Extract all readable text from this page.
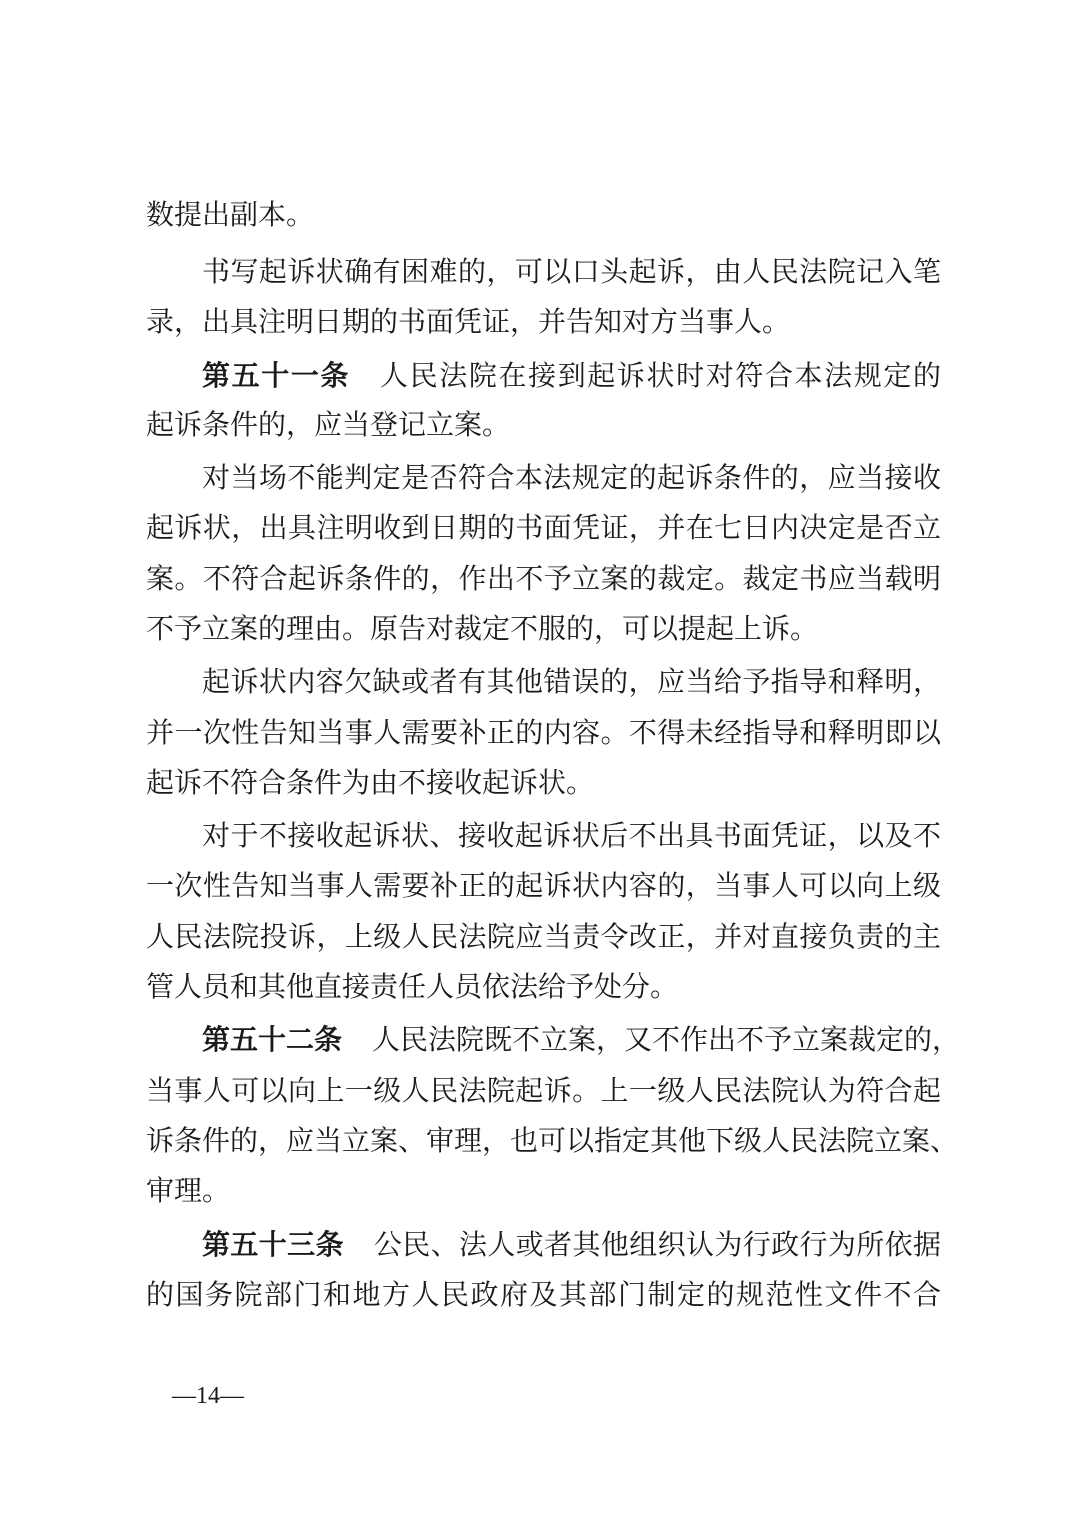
数提出副本。
书写起诉状确有困难的，可以口头起诉，由人民法院记入笔
录，出具注明日期的书面凭证，并告知对方当事人。
第五十一条 人民法院在接到起诉状时对符合本法规定的
起诉条件的，应当登记立案。
对当场不能判定是否符合本法规定的起诉条件的，应当接收
起诉状，出具注明收到日期的书面凭证，并在七日内决定是否立
案。不符合起诉条件的，作出不予立案的裁定。裁定书应当载明
不予立案的理由。原告对裁定不服的，可以提起上诉。
起诉状内容欠缺或者有其他错误的，应当给予指导和释明，
并一次性告知当事人需要补正的内容。不得未经指导和释明即以
起诉不符合条件为由不接收起诉状。
对于不接收起诉状、接收起诉状后不出具书面凭证，以及不
一次性告知当事人需要补正的起诉状内容的，当事人可以向上级
人民法院投诉，上级人民法院应当责令改正，并对直接负责的主
管人员和其他直接责任人员依法给予处分。
第五十二条 人民法院既不立案，又不作出不予立案裁定的，
当事人可以向上一级人民法院起诉。上一级人民法院认为符合起
诉条件的，应当立案、审理，也可以指定其他下级人民法院立案、
审理。
第五十三条 公民、法人或者其他组织认为行政行为所依据
的国务院部门和地方人民政府及其部门制定的规范性文件不合
—14—
